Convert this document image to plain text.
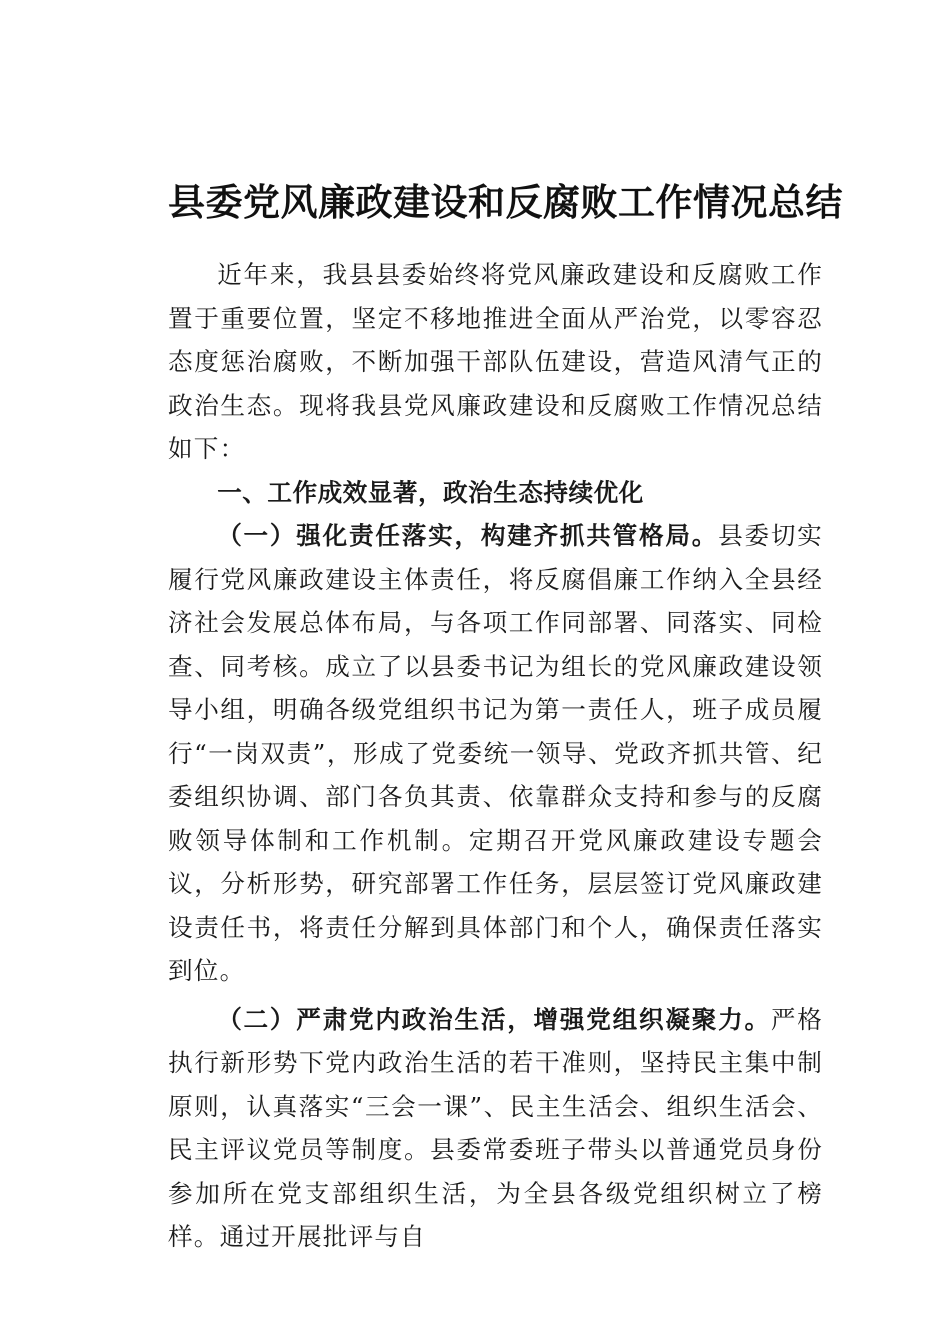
县委党风廉政建设和反腐败工作情况总结

近年来，我县县委始终将党风廉政建设和反腐败工作置于重要位置，坚定不移地推进全面从严治党，以零容忍态度惩治腐败，不断加强干部队伍建设，营造风清气正的政治生态。现将我县党风廉政建设和反腐败工作情况总结如下：

一、工作成效显著，政治生态持续优化

（一）强化责任落实，构建齐抓共管格局。县委切实履行党风廉政建设主体责任，将反腐倡廉工作纳入全县经济社会发展总体布局，与各项工作同部署、同落实、同检查、同考核。成立了以县委书记为组长的党风廉政建设领导小组，明确各级党组织书记为第一责任人，班子成员履行“一岗双责”，形成了党委统一领导、党政齐抓共管、纪委组织协调、部门各负其责、依靠群众支持和参与的反腐败领导体制和工作机制。定期召开党风廉政建设专题会议，分析形势，研究部署工作任务，层层签订党风廉政建设责任书，将责任分解到具体部门和个人，确保责任落实到位。

（二）严肃党内政治生活，增强党组织凝聚力。严格执行新形势下党内政治生活的若干准则，坚持民主集中制原则，认真落实“三会一课”、民主生活会、组织生活会、民主评议党员等制度。县委常委班子带头以普通党员身份参加所在党支部组织生活，为全县各级党组织树立了榜样。通过开展批评与自
